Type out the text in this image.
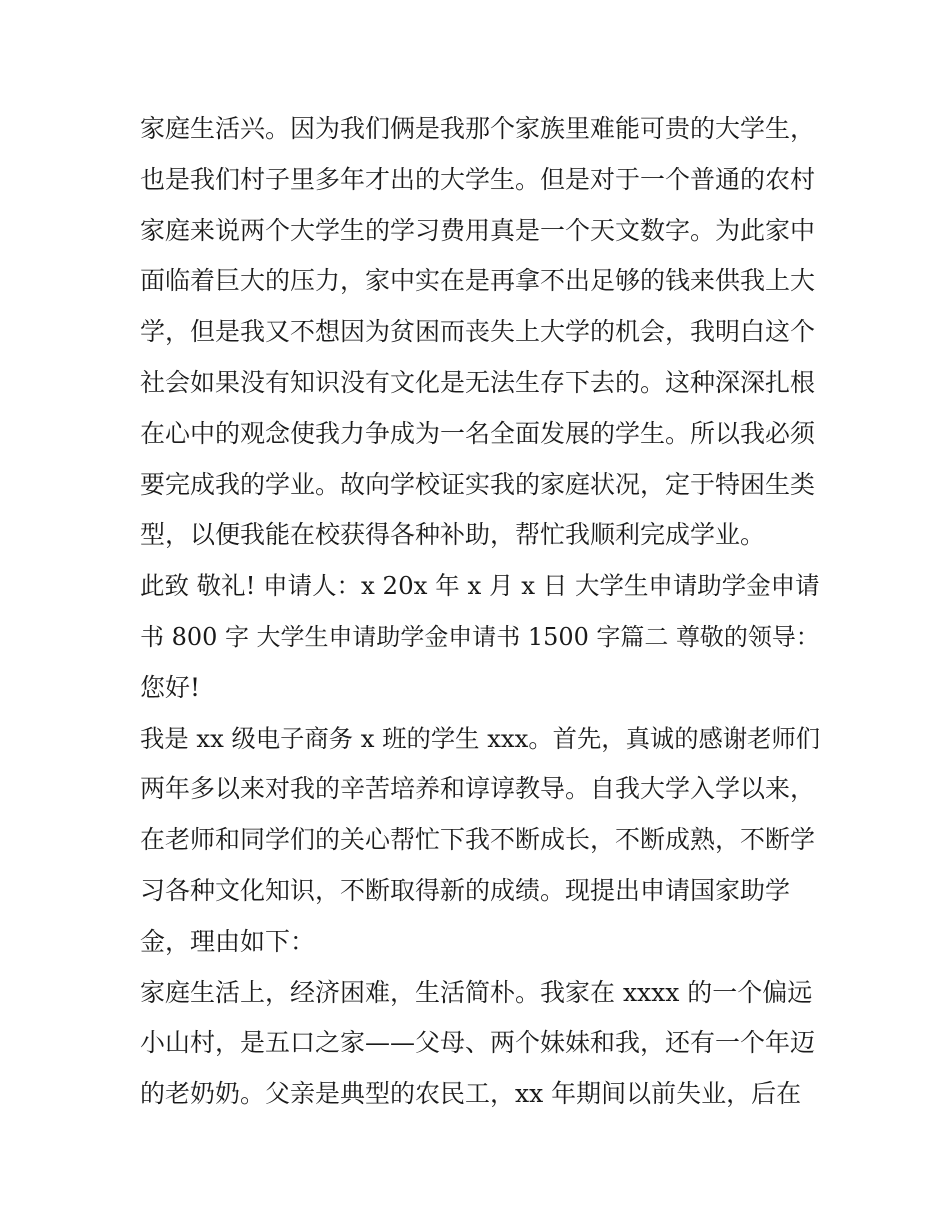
家庭生活兴。因为我们俩是我那个家族里难能可贵的大学生，
也是我们村子里多年才出的大学生。但是对于一个普通的农村
家庭来说两个大学生的学习费用真是一个天文数字。为此家中
面临着巨大的压力，家中实在是再拿不出足够的钱来供我上大
学，但是我又不想因为贫困而丧失上大学的机会，我明白这个
社会如果没有知识没有文化是无法生存下去的。这种深深扎根
在心中的观念使我力争成为一名全面发展的学生。所以我必须
要完成我的学业。故向学校证实我的家庭状况，定于特困生类
型，以便我能在校获得各种补助，帮忙我顺利完成学业。
此致 敬礼! 申请人：x 20x 年 x 月 x 日 大学生申请助学金申请
书 800 字 大学生申请助学金申请书 1500 字篇二 尊敬的领导：
您好!
我是 xx 级电子商务 x 班的学生 xxx。首先，真诚的感谢老师们
两年多以来对我的辛苦培养和谆谆教导。自我大学入学以来，
在老师和同学们的关心帮忙下我不断成长，不断成熟，不断学
习各种文化知识，不断取得新的成绩。现提出申请国家助学
金，理由如下：
家庭生活上，经济困难，生活简朴。我家在 xxxx 的一个偏远
小山村，是五口之家——父母、两个妹妹和我，还有一个年迈
的老奶奶。父亲是典型的农民工，xx 年期间以前失业，后在
